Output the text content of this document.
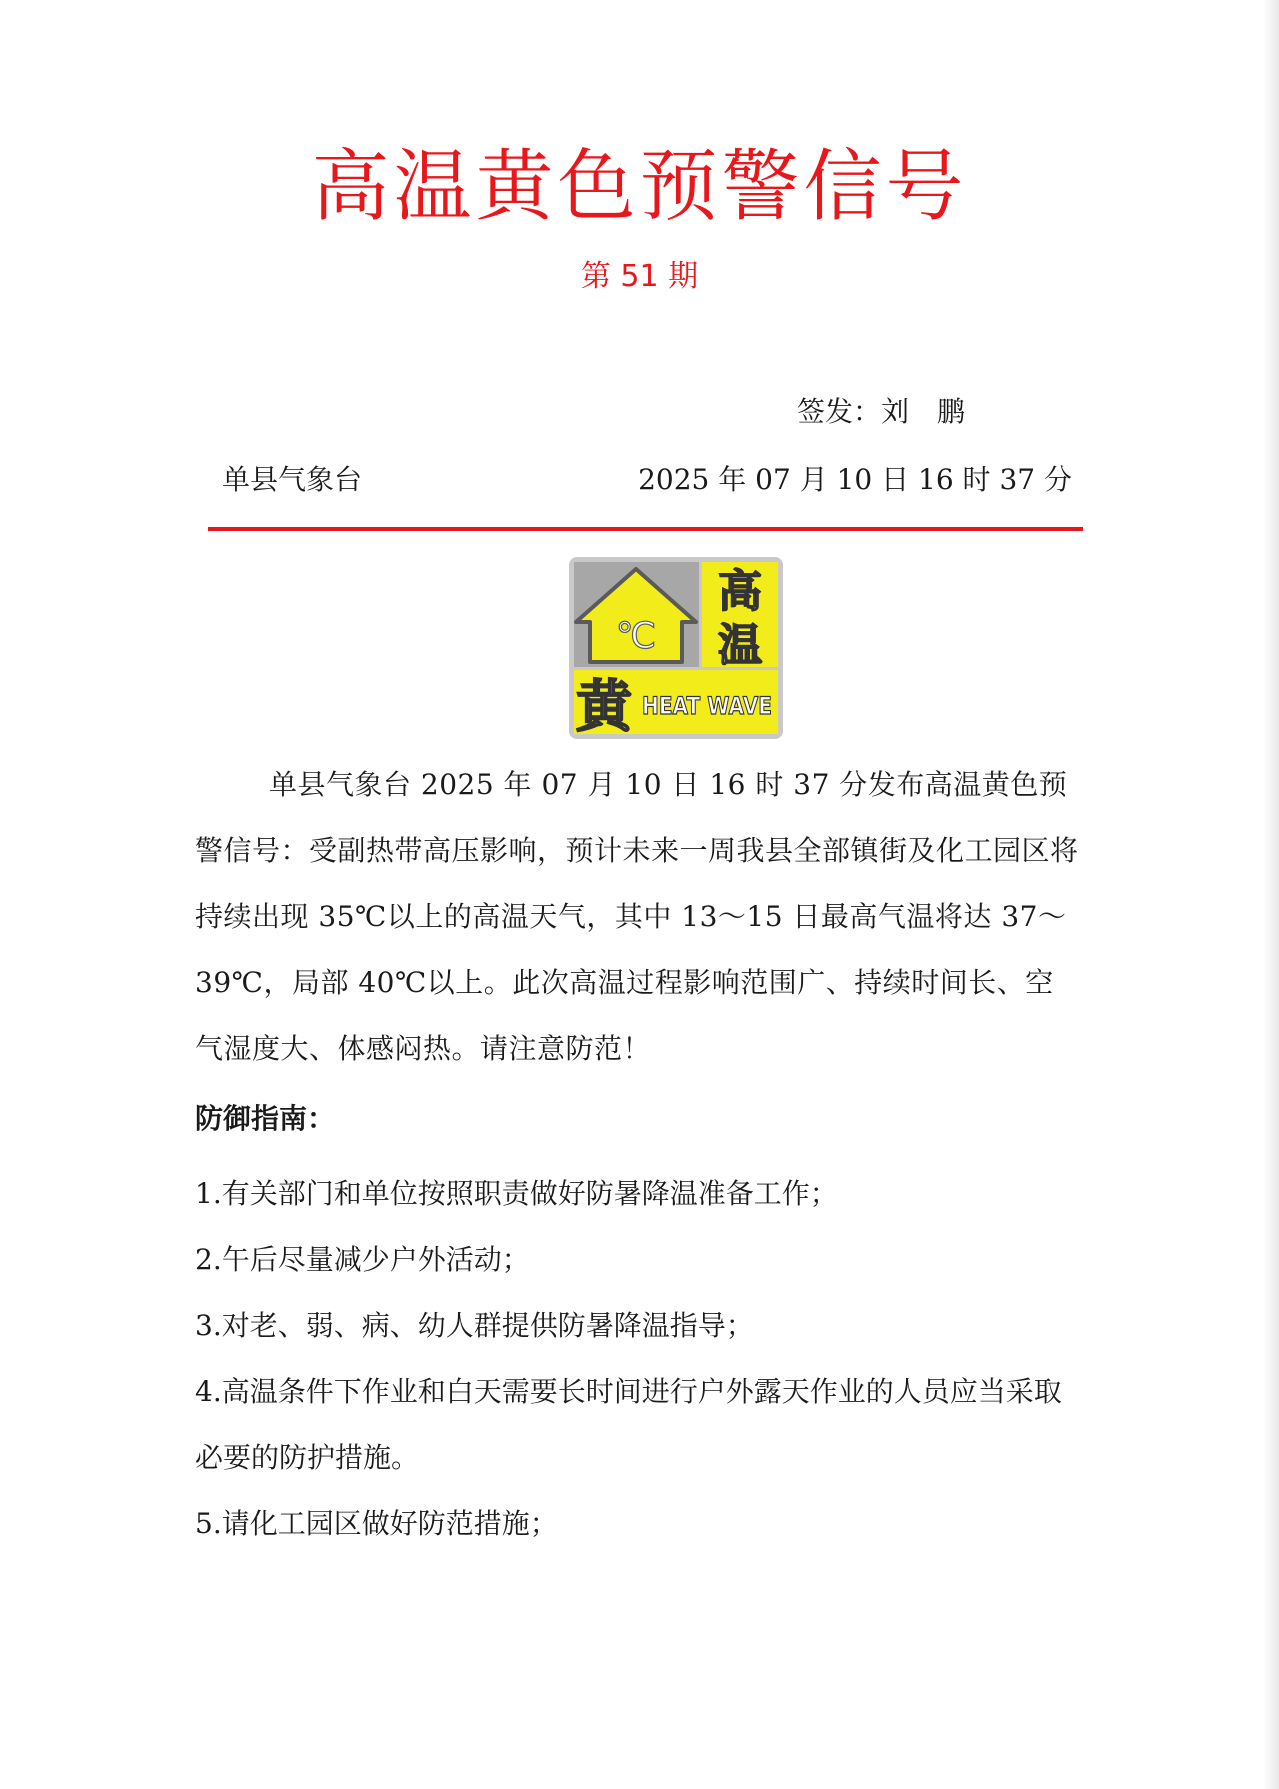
高温黄色预警信号
第 51 期
签发：刘　鹏
单县气象台	2025 年 07 月 10 日 16 时 37 分
℃
高
温
黄 HEAT WAVE

单县气象台 2025 年 07 月 10 日 16 时 37 分发布高温黄色预警信号：受副热带高压影响，预计未来一周我县全部镇街及化工园区将持续出现 35℃以上的高温天气，其中 13～15 日最高气温将达 37～39℃，局部 40℃以上。此次高温过程影响范围广、持续时间长、空气湿度大、体感闷热。请注意防范！

防御指南：
1.有关部门和单位按照职责做好防暑降温准备工作；
2.午后尽量减少户外活动；
3.对老、弱、病、幼人群提供防暑降温指导；
4.高温条件下作业和白天需要长时间进行户外露天作业的人员应当采取必要的防护措施。
5.请化工园区做好防范措施；
